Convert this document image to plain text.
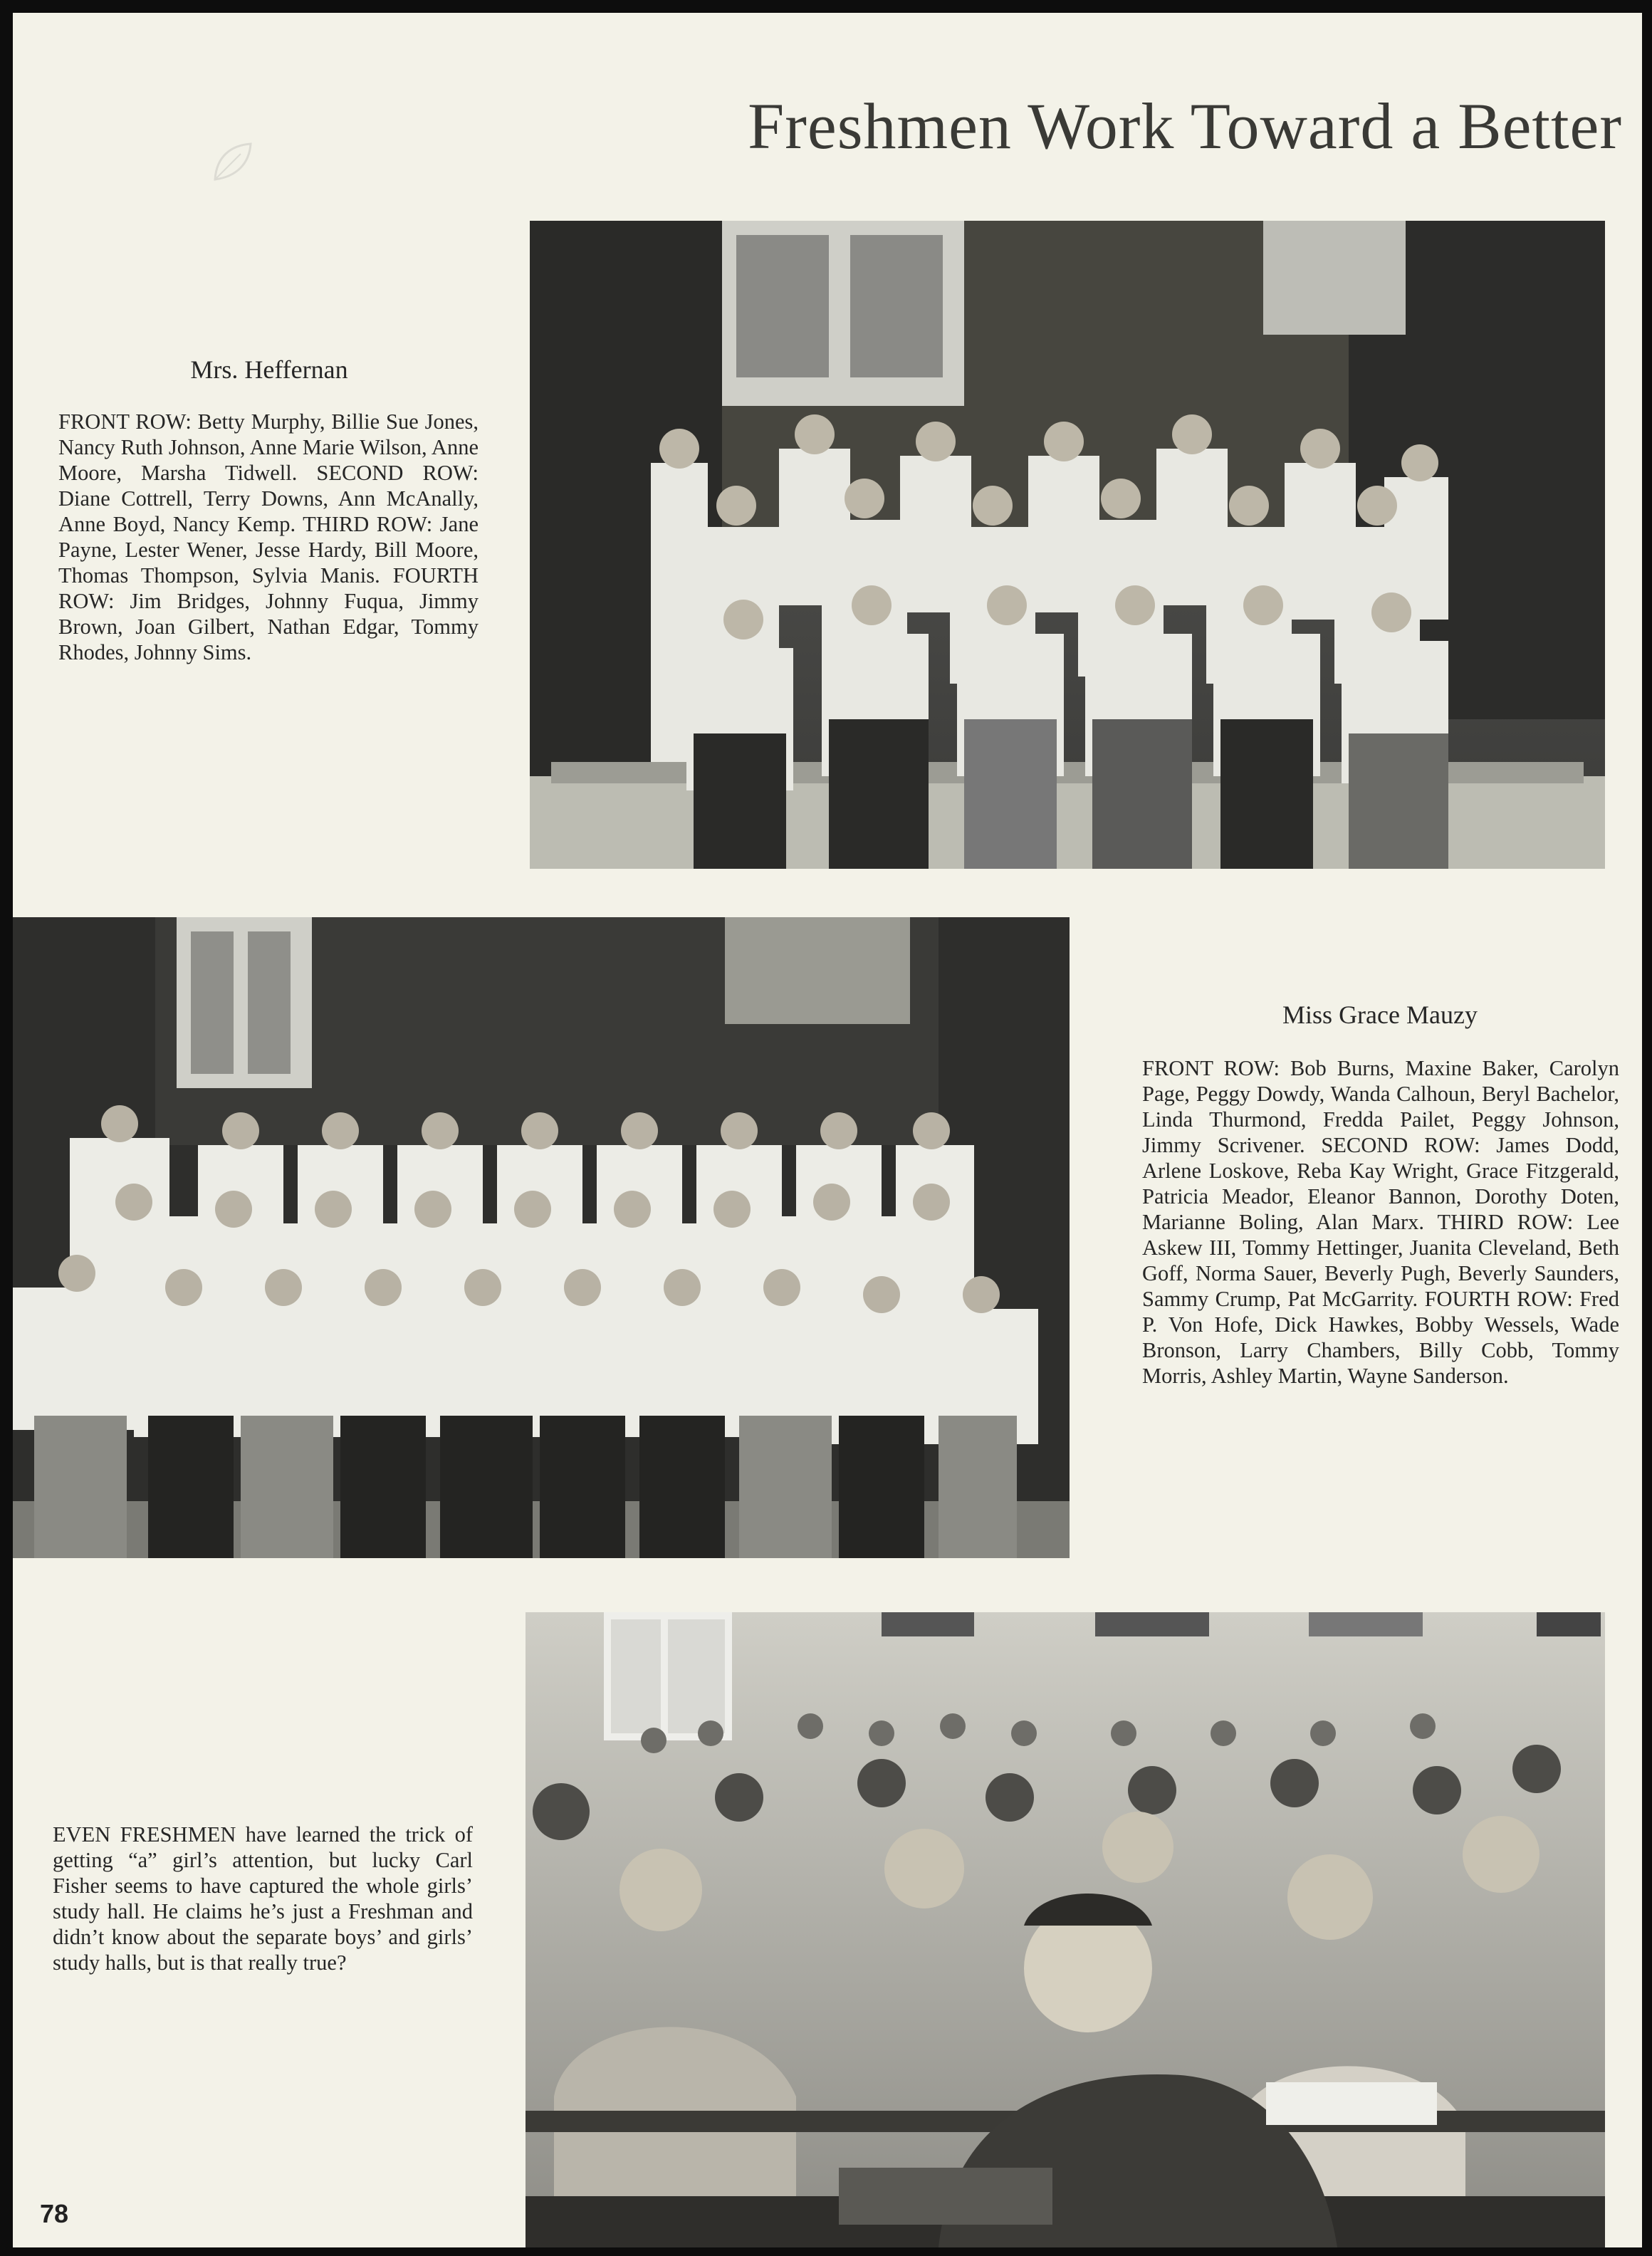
Freshmen Work Toward a Better
Mrs. Heffernan
FRONT ROW: Betty Murphy, Billie Sue Jones, Nancy Ruth Johnson, Anne Marie Wilson, Anne Moore, Marsha Tidwell. SECOND ROW: Diane Cottrell, Terry Downs, Ann McAnally, Anne Boyd, Nancy Kemp. THIRD ROW: Jane Payne, Lester Wener, Jesse Hardy, Bill Moore, Thomas Thompson, Sylvia Manis. FOURTH ROW: Jim Bridges, Johnny Fuqua, Jimmy Brown, Joan Gilbert, Nathan Edgar, Tommy Rhodes, Johnny Sims.
Miss Grace Mauzy
FRONT ROW: Bob Burns, Maxine Baker, Carolyn Page, Peggy Dowdy, Wanda Calhoun, Beryl Bachelor, Linda Thurmond, Fredda Pailet, Peggy Johnson, Jimmy Scrivener. SECOND ROW: James Dodd, Arlene Loskove, Reba Kay Wright, Grace Fitzgerald, Patricia Meador, Eleanor Bannon, Dorothy Doten, Marianne Boling, Alan Marx. THIRD ROW: Lee Askew III, Tommy Hettinger, Juanita Cleveland, Beth Goff, Norma Sauer, Beverly Pugh, Beverly Saunders, Sammy Crump, Pat McGarrity. FOURTH ROW: Fred P. Von Hofe, Dick Hawkes, Bobby Wessels, Wade Bronson, Larry Chambers, Billy Cobb, Tommy Morris, Ashley Martin, Wayne Sanderson.
EVEN FRESHMEN have learned the trick of getting “a” girl’s attention, but lucky Carl Fisher seems to have captured the whole girls’ study hall. He claims he’s just a Freshman and didn’t know about the separate boys’ and girls’ study halls, but is that really true?
78
